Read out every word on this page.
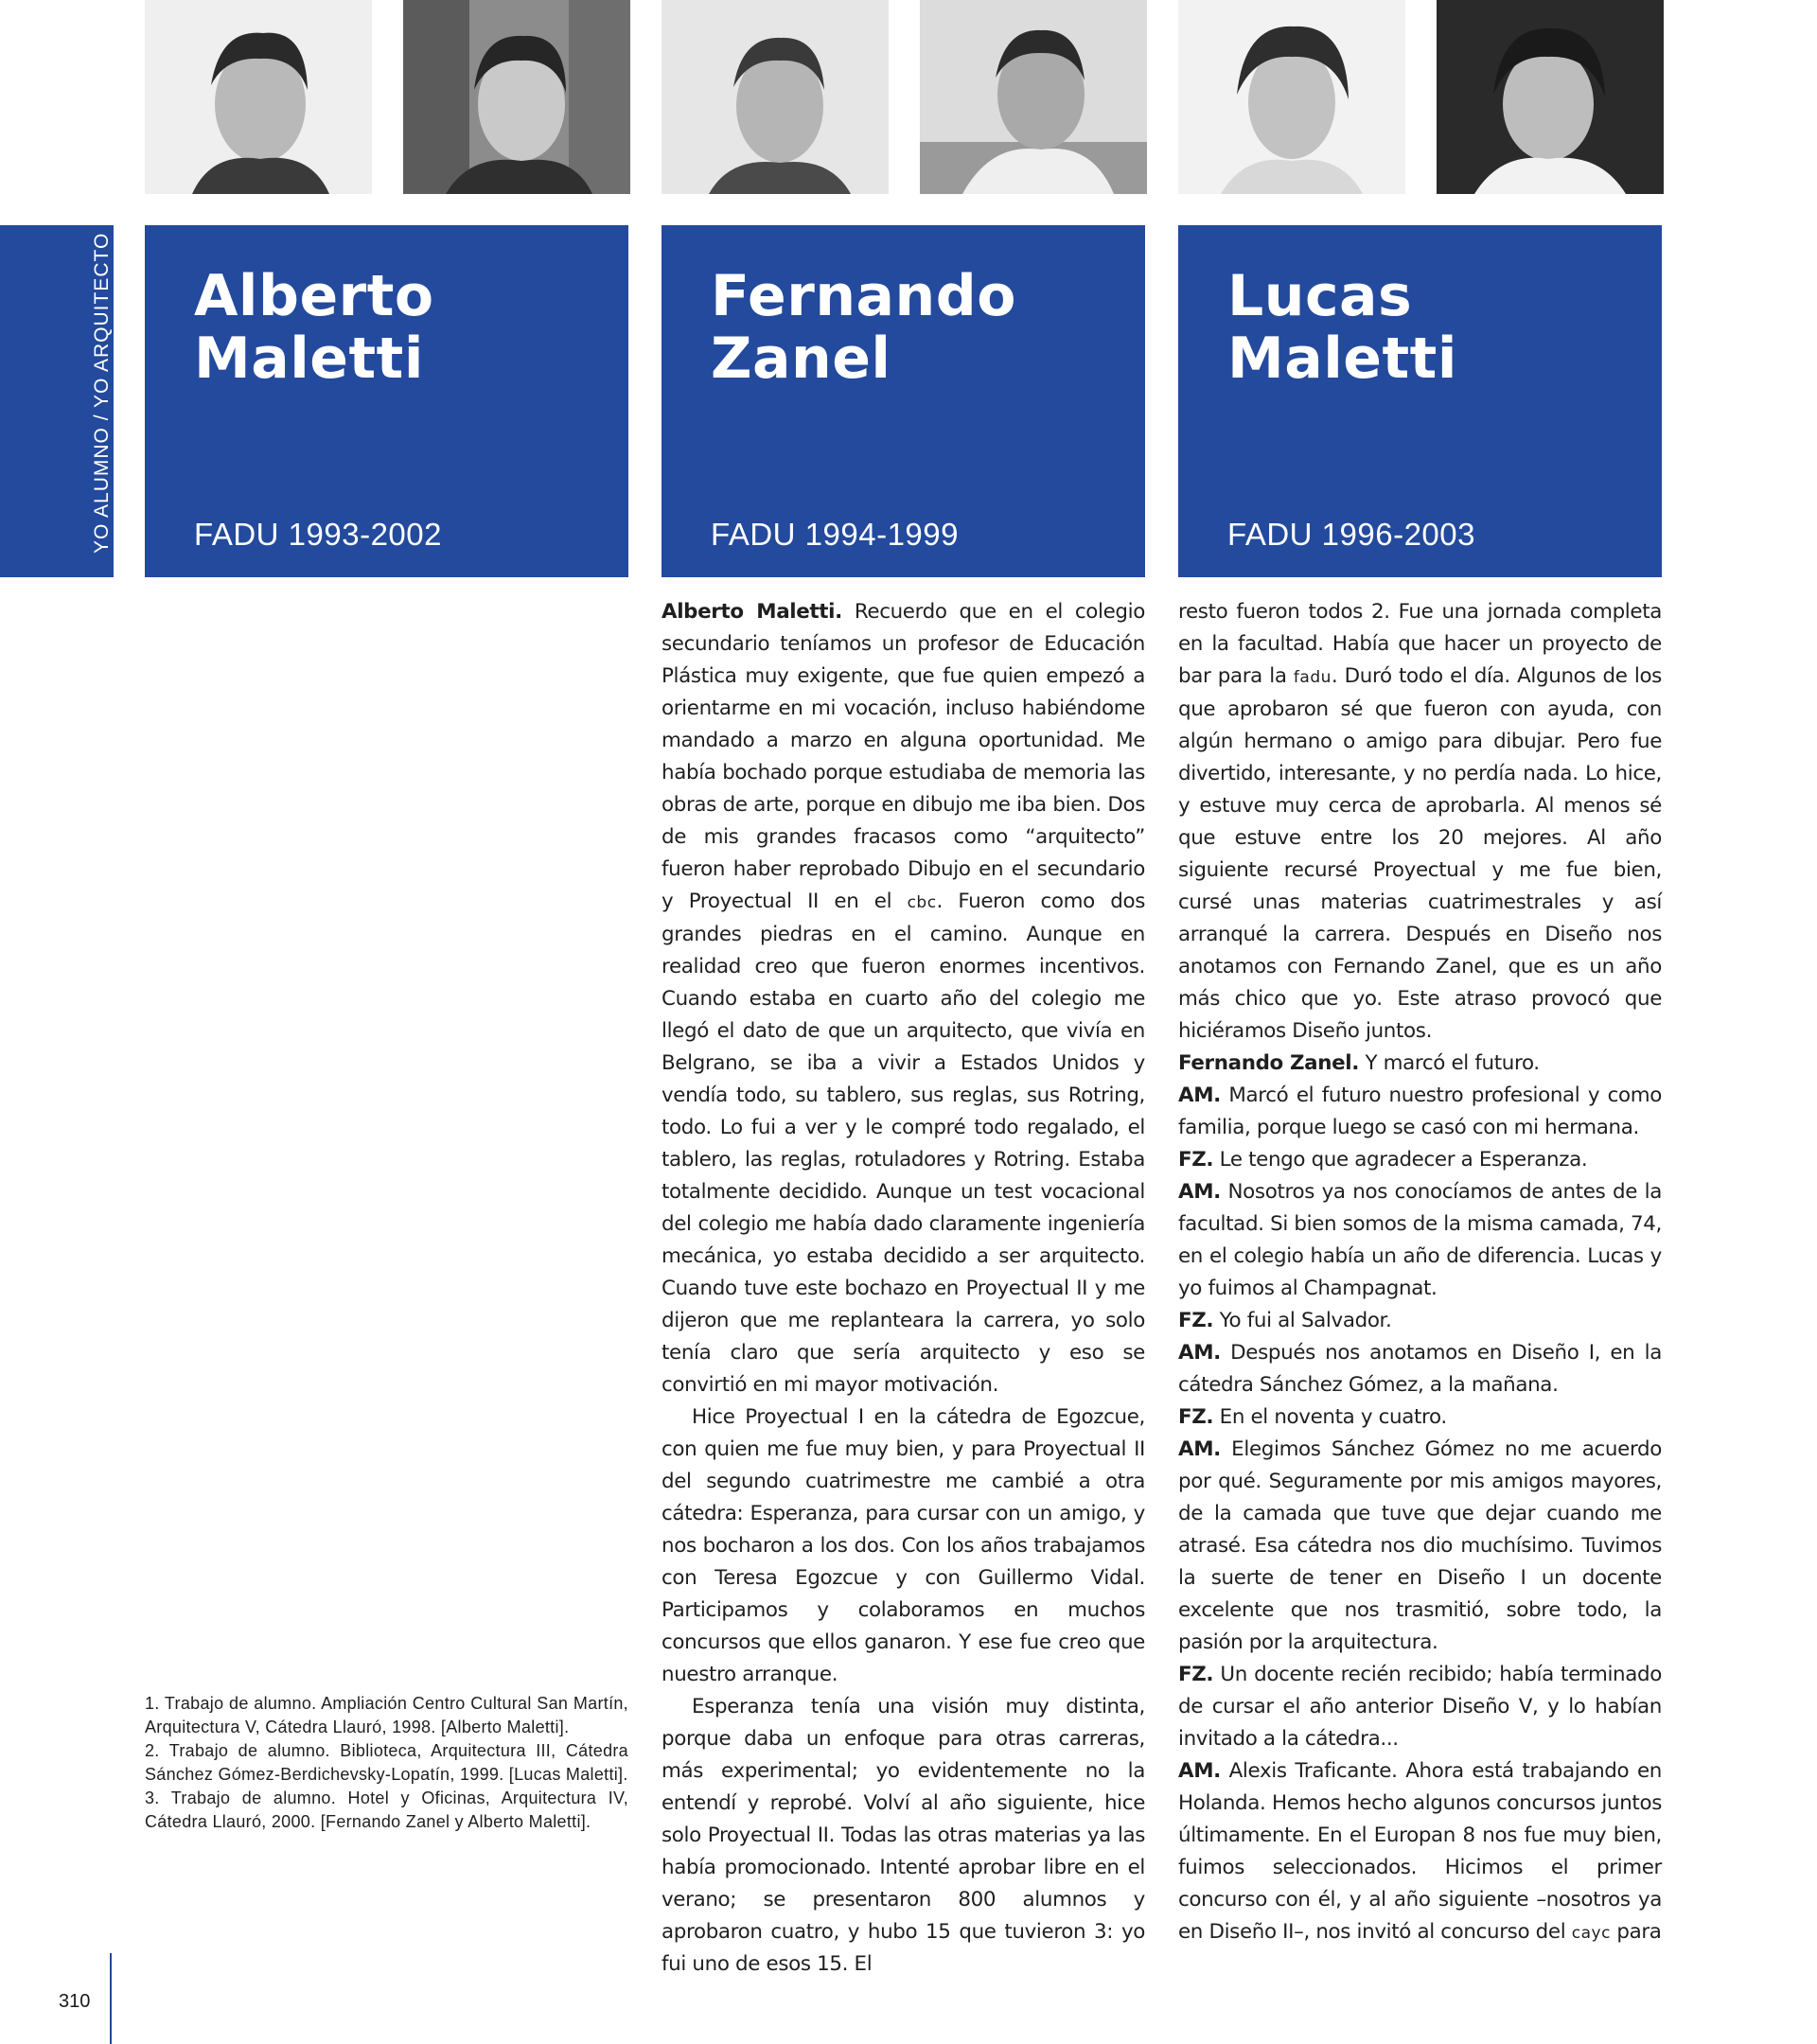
YO ALUMNO / YO ARQUITECTO Alberto
Maletti
FADU 1993-2002
Fernando
Zanel
FADU 1994-1999
Lucas
Maletti
FADU 1996-2003

Alberto Maletti. Recuerdo que en el colegio secundario teníamos un profesor de Educación Plástica muy exigente, que fue quien empezó a orientarme en mi vocación, incluso habiéndome mandado a marzo en alguna oportunidad. Me había bochado porque estudiaba de memoria las obras de arte, porque en dibujo me iba bien. Dos de mis grandes fracasos como “arquitecto” fueron haber reprobado Dibujo en el secundario y Proyectual II en el cbc. Fueron como dos grandes piedras en el camino. Aunque en realidad creo que fueron enormes incentivos. Cuando estaba en cuarto año del colegio me llegó el dato de que un arquitecto, que vivía en Belgrano, se iba a vivir a Estados Unidos y vendía todo, su tablero, sus reglas, sus Rotring, todo. Lo fui a ver y le compré todo regalado, el tablero, las reglas, rotuladores y Rotring. Estaba totalmente decidido. Aunque un test vocacional del colegio me había dado claramente ingeniería mecánica, yo estaba decidido a ser arquitecto. Cuando tuve este bochazo en Proyectual II y me dijeron que me replanteara la carrera, yo solo tenía claro que sería arquitecto y eso se convirtió en mi mayor motivación.

Hice Proyectual I en la cátedra de Egozcue, con quien me fue muy bien, y para Proyectual II del segundo cuatrimestre me cambié a otra cátedra: Esperanza, para cursar con un amigo, y nos bocharon a los dos. Con los años trabajamos con Teresa Egozcue y con Guillermo Vidal. Participamos y colaboramos en muchos concursos que ellos ganaron. Y ese fue creo que nuestro arranque.

Esperanza tenía una visión muy distinta, porque daba un enfoque para otras carreras, más experimental; yo evidentemente no la entendí y reprobé. Volví al año siguiente, hice solo Proyectual II. Todas las otras materias ya las había promocionado. Intenté aprobar libre en el verano; se presentaron 800 alumnos y aprobaron cuatro, y hubo 15 que tuvieron 3: yo fui uno de esos 15. El

resto fueron todos 2. Fue una jornada completa en la facultad. Había que hacer un proyecto de bar para la fadu. Duró todo el día. Algunos de los que aprobaron sé que fueron con ayuda, con algún hermano o amigo para dibujar. Pero fue divertido, interesante, y no perdía nada. Lo hice, y estuve muy cerca de aprobarla. Al menos sé que estuve entre los 20 mejores. Al año siguiente recursé Proyectual y me fue bien, cursé unas materias cuatrimestrales y así arranqué la carrera. Después en Diseño nos anotamos con Fernando Zanel, que es un año más chico que yo. Este atraso provocó que hiciéramos Diseño juntos.

Fernando Zanel. Y marcó el futuro.

AM. Marcó el futuro nuestro profesional y como familia, porque luego se casó con mi hermana.

FZ. Le tengo que agradecer a Esperanza.

AM. Nosotros ya nos conocíamos de antes de la facultad. Si bien somos de la misma camada, 74, en el colegio había un año de diferencia. Lucas y yo fuimos al Champagnat.

FZ. Yo fui al Salvador.

AM. Después nos anotamos en Diseño I, en la cátedra Sánchez Gómez, a la mañana.

FZ. En el noventa y cuatro.

AM. Elegimos Sánchez Gómez no me acuerdo por qué. Seguramente por mis amigos mayores, de la camada que tuve que dejar cuando me atrasé. Esa cátedra nos dio muchísimo. Tuvimos la suerte de tener en Diseño I un docente excelente que nos trasmitió, sobre todo, la pasión por la arquitectura.

FZ. Un docente recién recibido; había terminado de cursar el año anterior Diseño V, y lo habían invitado a la cátedra...

AM. Alexis Traficante. Ahora está trabajando en Holanda. Hemos hecho algunos concursos juntos últimamente. En el Europan 8 nos fue muy bien, fuimos seleccionados. Hicimos el primer concurso con él, y al año siguiente –nosotros ya en Diseño II–, nos invitó al concurso del cayc para

1. Trabajo de alumno. Ampliación Centro Cultural San Martín, Arquitectura V, Cátedra Llauró, 1998. [Alberto Maletti].

2. Trabajo de alumno. Biblioteca, Arquitectura III, Cátedra Sánchez Gómez-Berdichevsky-Lopatín, 1999. [Lucas Maletti].

3. Trabajo de alumno. Hotel y Oficinas, Arquitectura IV, Cátedra Llauró, 2000. [Fernando Zanel y Alberto Maletti].

310
